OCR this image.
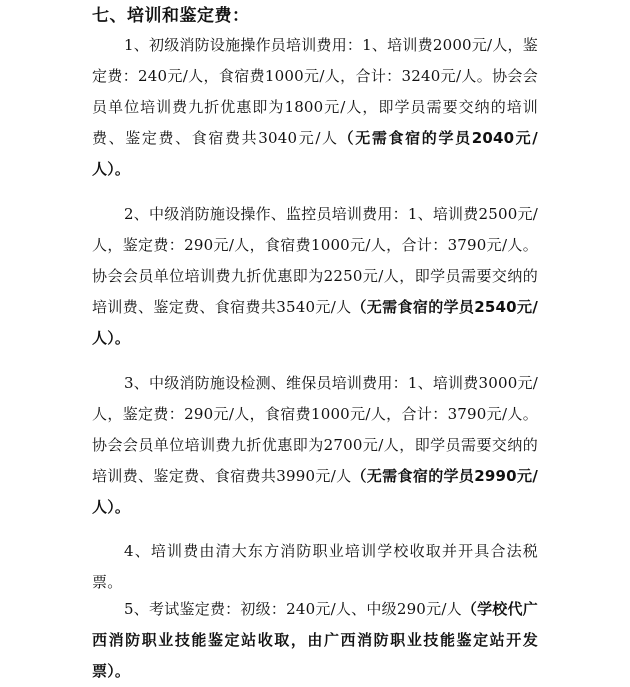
七、培训和鉴定费：
1、初级消防设施操作员培训费用：1、培训费2000元/人，鉴定费：240元/人，食宿费1000元/人，合计：3240元/人。协会会员单位培训费九折优惠即为1800元/人，即学员需要交纳的培训费、鉴定费、食宿费共3040元/人（无需食宿的学员2040元/人）。
2、中级消防施设操作、监控员培训费用：1、培训费2500元/人，鉴定费：290元/人，食宿费1000元/人，合计：3790元/人。协会会员单位培训费九折优惠即为2250元/人，即学员需要交纳的培训费、鉴定费、食宿费共3540元/人（无需食宿的学员2540元/人）。
3、中级消防施设检测、维保员培训费用：1、培训费3000元/人，鉴定费：290元/人，食宿费1000元/人，合计：3790元/人。协会会员单位培训费九折优惠即为2700元/人，即学员需要交纳的培训费、鉴定费、食宿费共3990元/人（无需食宿的学员2990元/人）。
4、培训费由清大东方消防职业培训学校收取并开具合法税票。
5、考试鉴定费：初级：240元/人、中级290元/人（学校代广西消防职业技能鉴定站收取，由广西消防职业技能鉴定站开发票）。
